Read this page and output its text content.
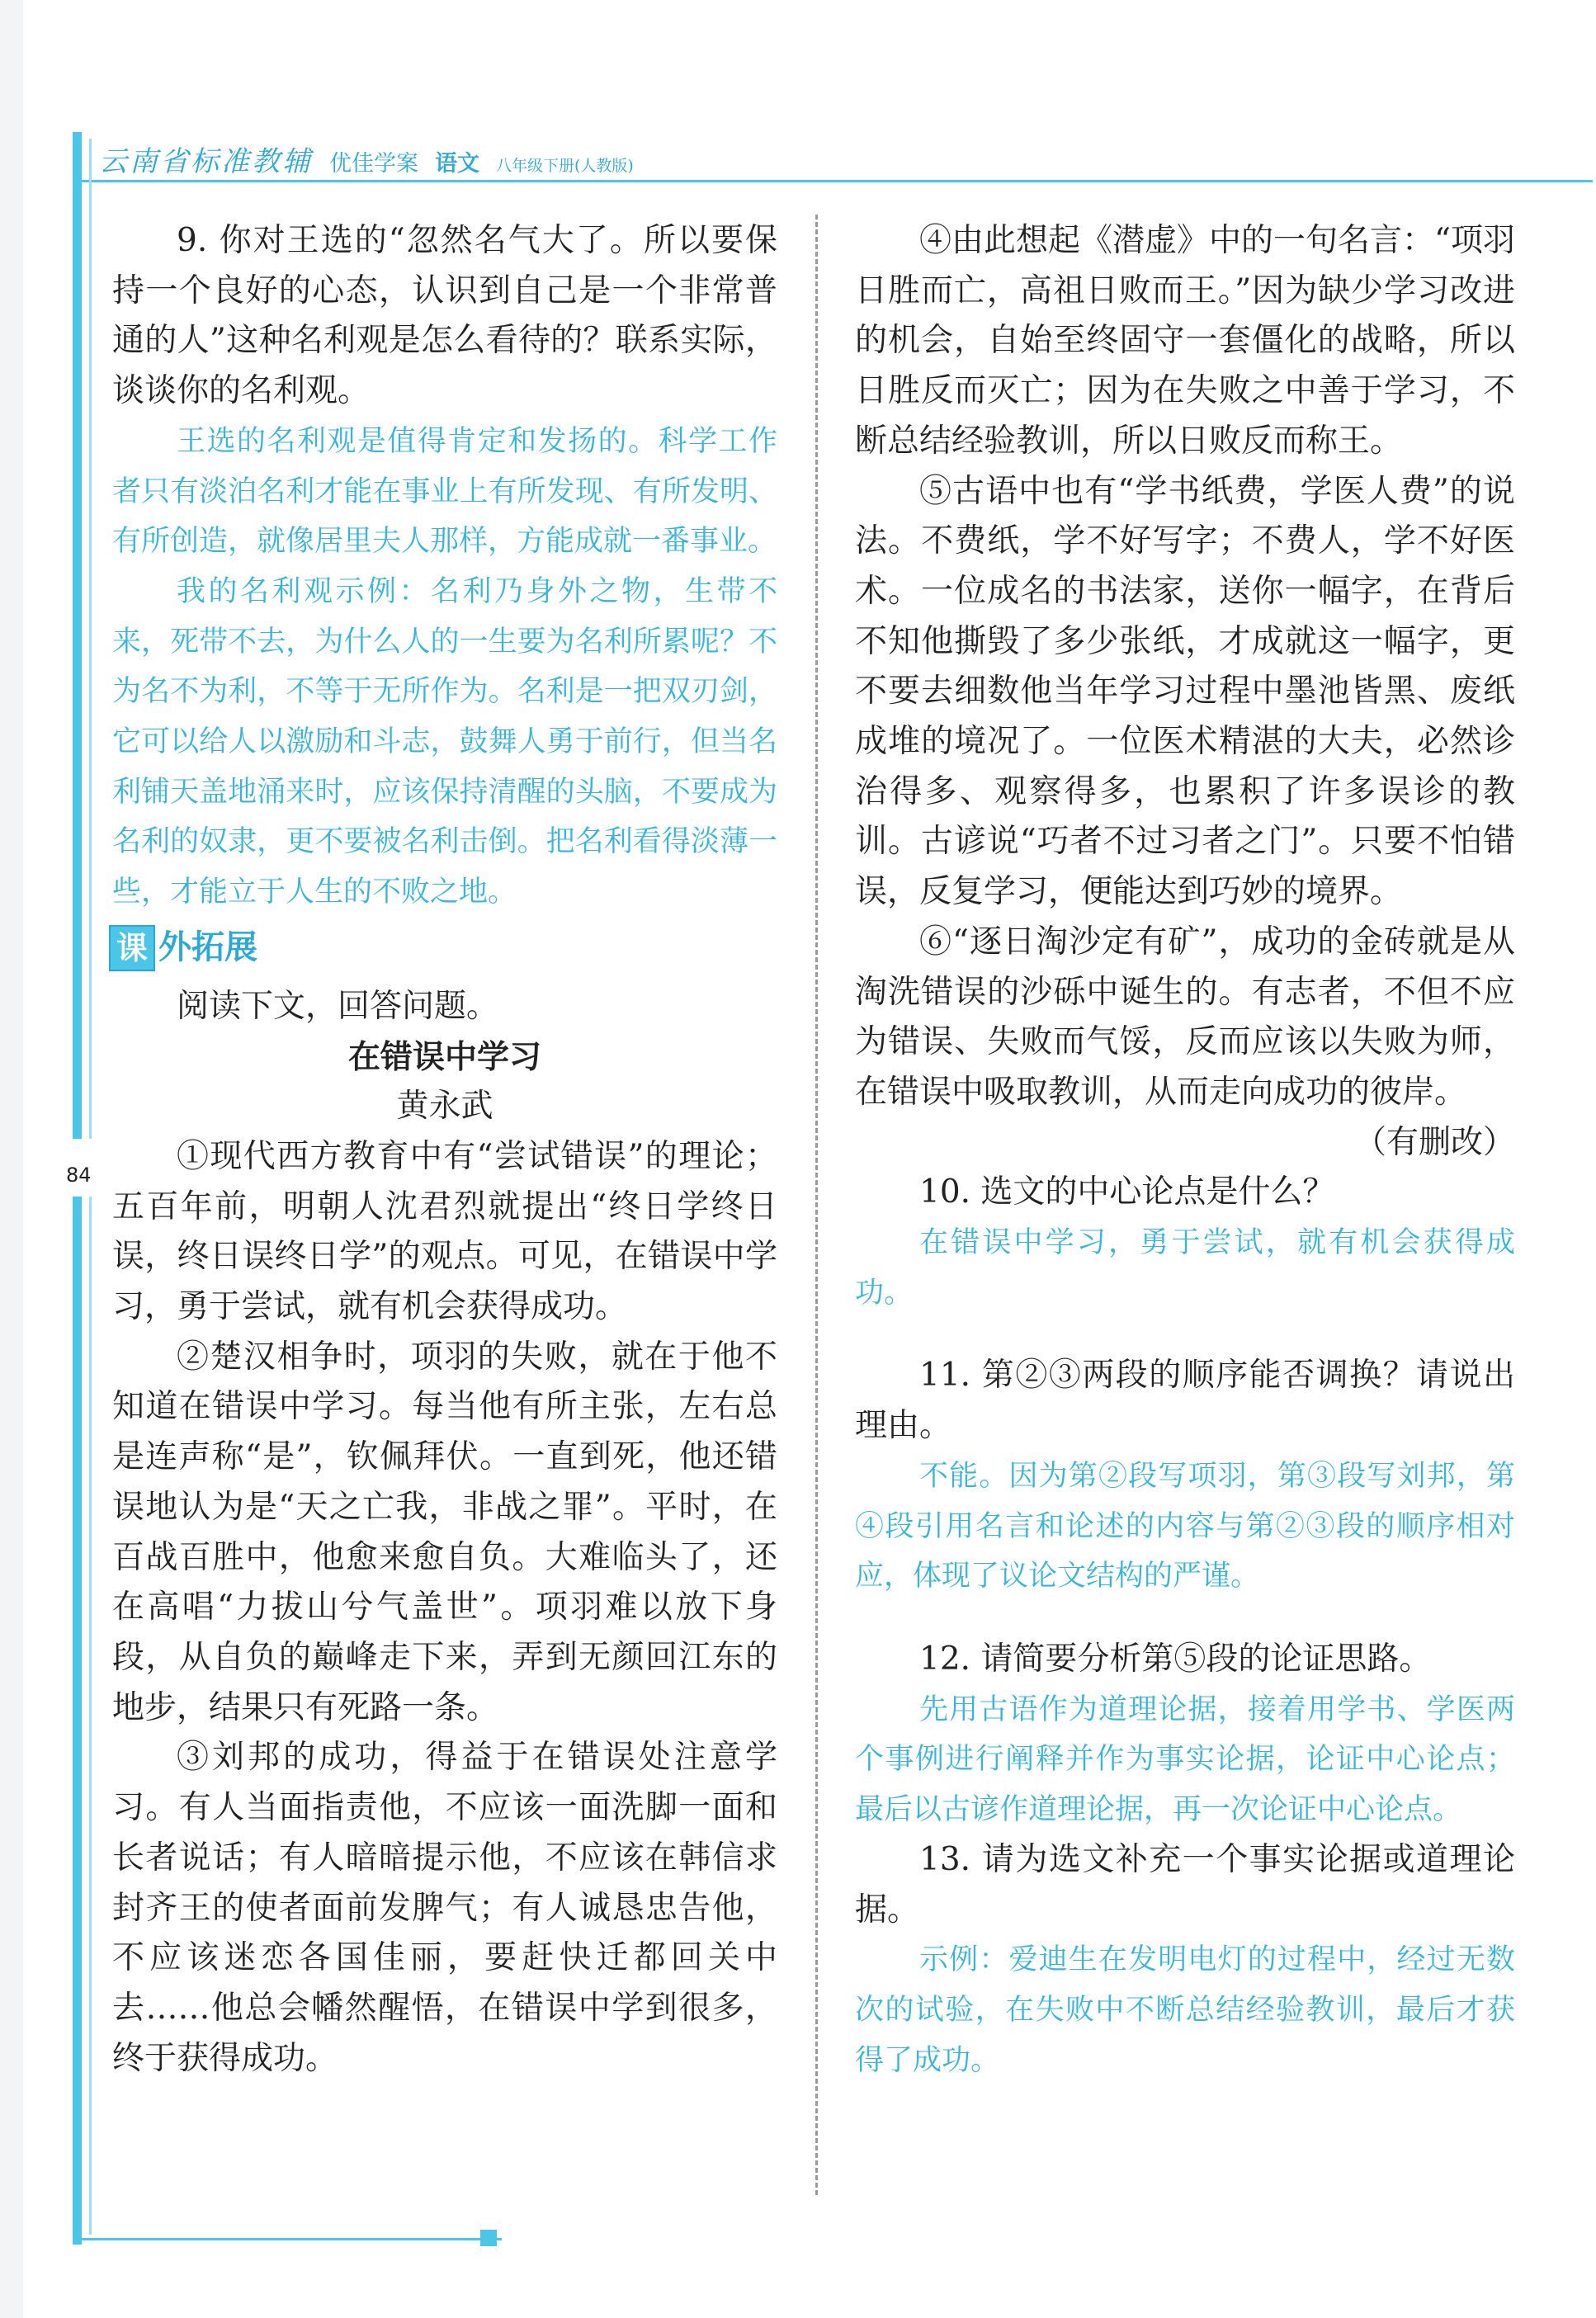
云南省标准教辅 优佳学案 语文 八年级下册(人教版)
84

9. 你对王选的“忽然名气大了。所以要保持一个良好的心态，认识到自己是一个非常普通的人”这种名利观是怎么看待的？联系实际，谈谈你的名利观。

王选的名利观是值得肯定和发扬的。科学工作者只有淡泊名利才能在事业上有所发现、有所发明、有所创造，就像居里夫人那样，方能成就一番事业。

我的名利观示例：名利乃身外之物，生带不来，死带不去，为什么人的一生要为名利所累呢？不为名不为利，不等于无所作为。名利是一把双刃剑，它可以给人以激励和斗志，鼓舞人勇于前行，但当名利铺天盖地涌来时，应该保持清醒的头脑，不要成为名利的奴隶，更不要被名利击倒。把名利看得淡薄一些，才能立于人生的不败之地。

课 外拓展

阅读下文，回答问题。

在错误中学习

黄永武

①现代西方教育中有“尝试错误”的理论；五百年前，明朝人沈君烈就提出“终日学终日误，终日误终日学”的观点。可见，在错误中学习，勇于尝试，就有机会获得成功。

②楚汉相争时，项羽的失败，就在于他不知道在错误中学习。每当他有所主张，左右总是连声称“是”，钦佩拜伏。一直到死，他还错误地认为是“天之亡我，非战之罪”。平时，在百战百胜中，他愈来愈自负。大难临头了，还在高唱“力拔山兮气盖世”。项羽难以放下身段，从自负的巅峰走下来，弄到无颜回江东的地步，结果只有死路一条。

③刘邦的成功，得益于在错误处注意学习。有人当面指责他，不应该一面洗脚一面和长者说话；有人暗暗提示他，不应该在韩信求封齐王的使者面前发脾气；有人诚恳忠告他，不应该迷恋各国佳丽，要赶快迁都回关中去……他总会幡然醒悟，在错误中学到很多，终于获得成功。

④由此想起《潜虚》中的一句名言：“项羽日胜而亡，高祖日败而王。”因为缺少学习改进的机会，自始至终固守一套僵化的战略，所以日胜反而灭亡；因为在失败之中善于学习，不断总结经验教训，所以日败反而称王。

⑤古语中也有“学书纸费，学医人费”的说法。不费纸，学不好写字；不费人，学不好医术。一位成名的书法家，送你一幅字，在背后不知他撕毁了多少张纸，才成就这一幅字，更不要去细数他当年学习过程中墨池皆黑、废纸成堆的境况了。一位医术精湛的大夫，必然诊治得多、观察得多，也累积了许多误诊的教训。古谚说“巧者不过习者之门”。只要不怕错误，反复学习，便能达到巧妙的境界。

⑥“逐日淘沙定有矿”，成功的金砖就是从淘洗错误的沙砾中诞生的。有志者，不但不应为错误、失败而气馁，反而应该以失败为师，在错误中吸取教训，从而走向成功的彼岸。

（有删改）

10. 选文的中心论点是什么？

在错误中学习，勇于尝试，就有机会获得成功。

11. 第②③两段的顺序能否调换？请说出理由。

不能。因为第②段写项羽，第③段写刘邦，第④段引用名言和论述的内容与第②③段的顺序相对应，体现了议论文结构的严谨。

12. 请简要分析第⑤段的论证思路。

先用古语作为道理论据，接着用学书、学医两个事例进行阐释并作为事实论据，论证中心论点；最后以古谚作道理论据，再一次论证中心论点。

13. 请为选文补充一个事实论据或道理论据。

示例：爱迪生在发明电灯的过程中，经过无数次的试验，在失败中不断总结经验教训，最后才获得了成功。
